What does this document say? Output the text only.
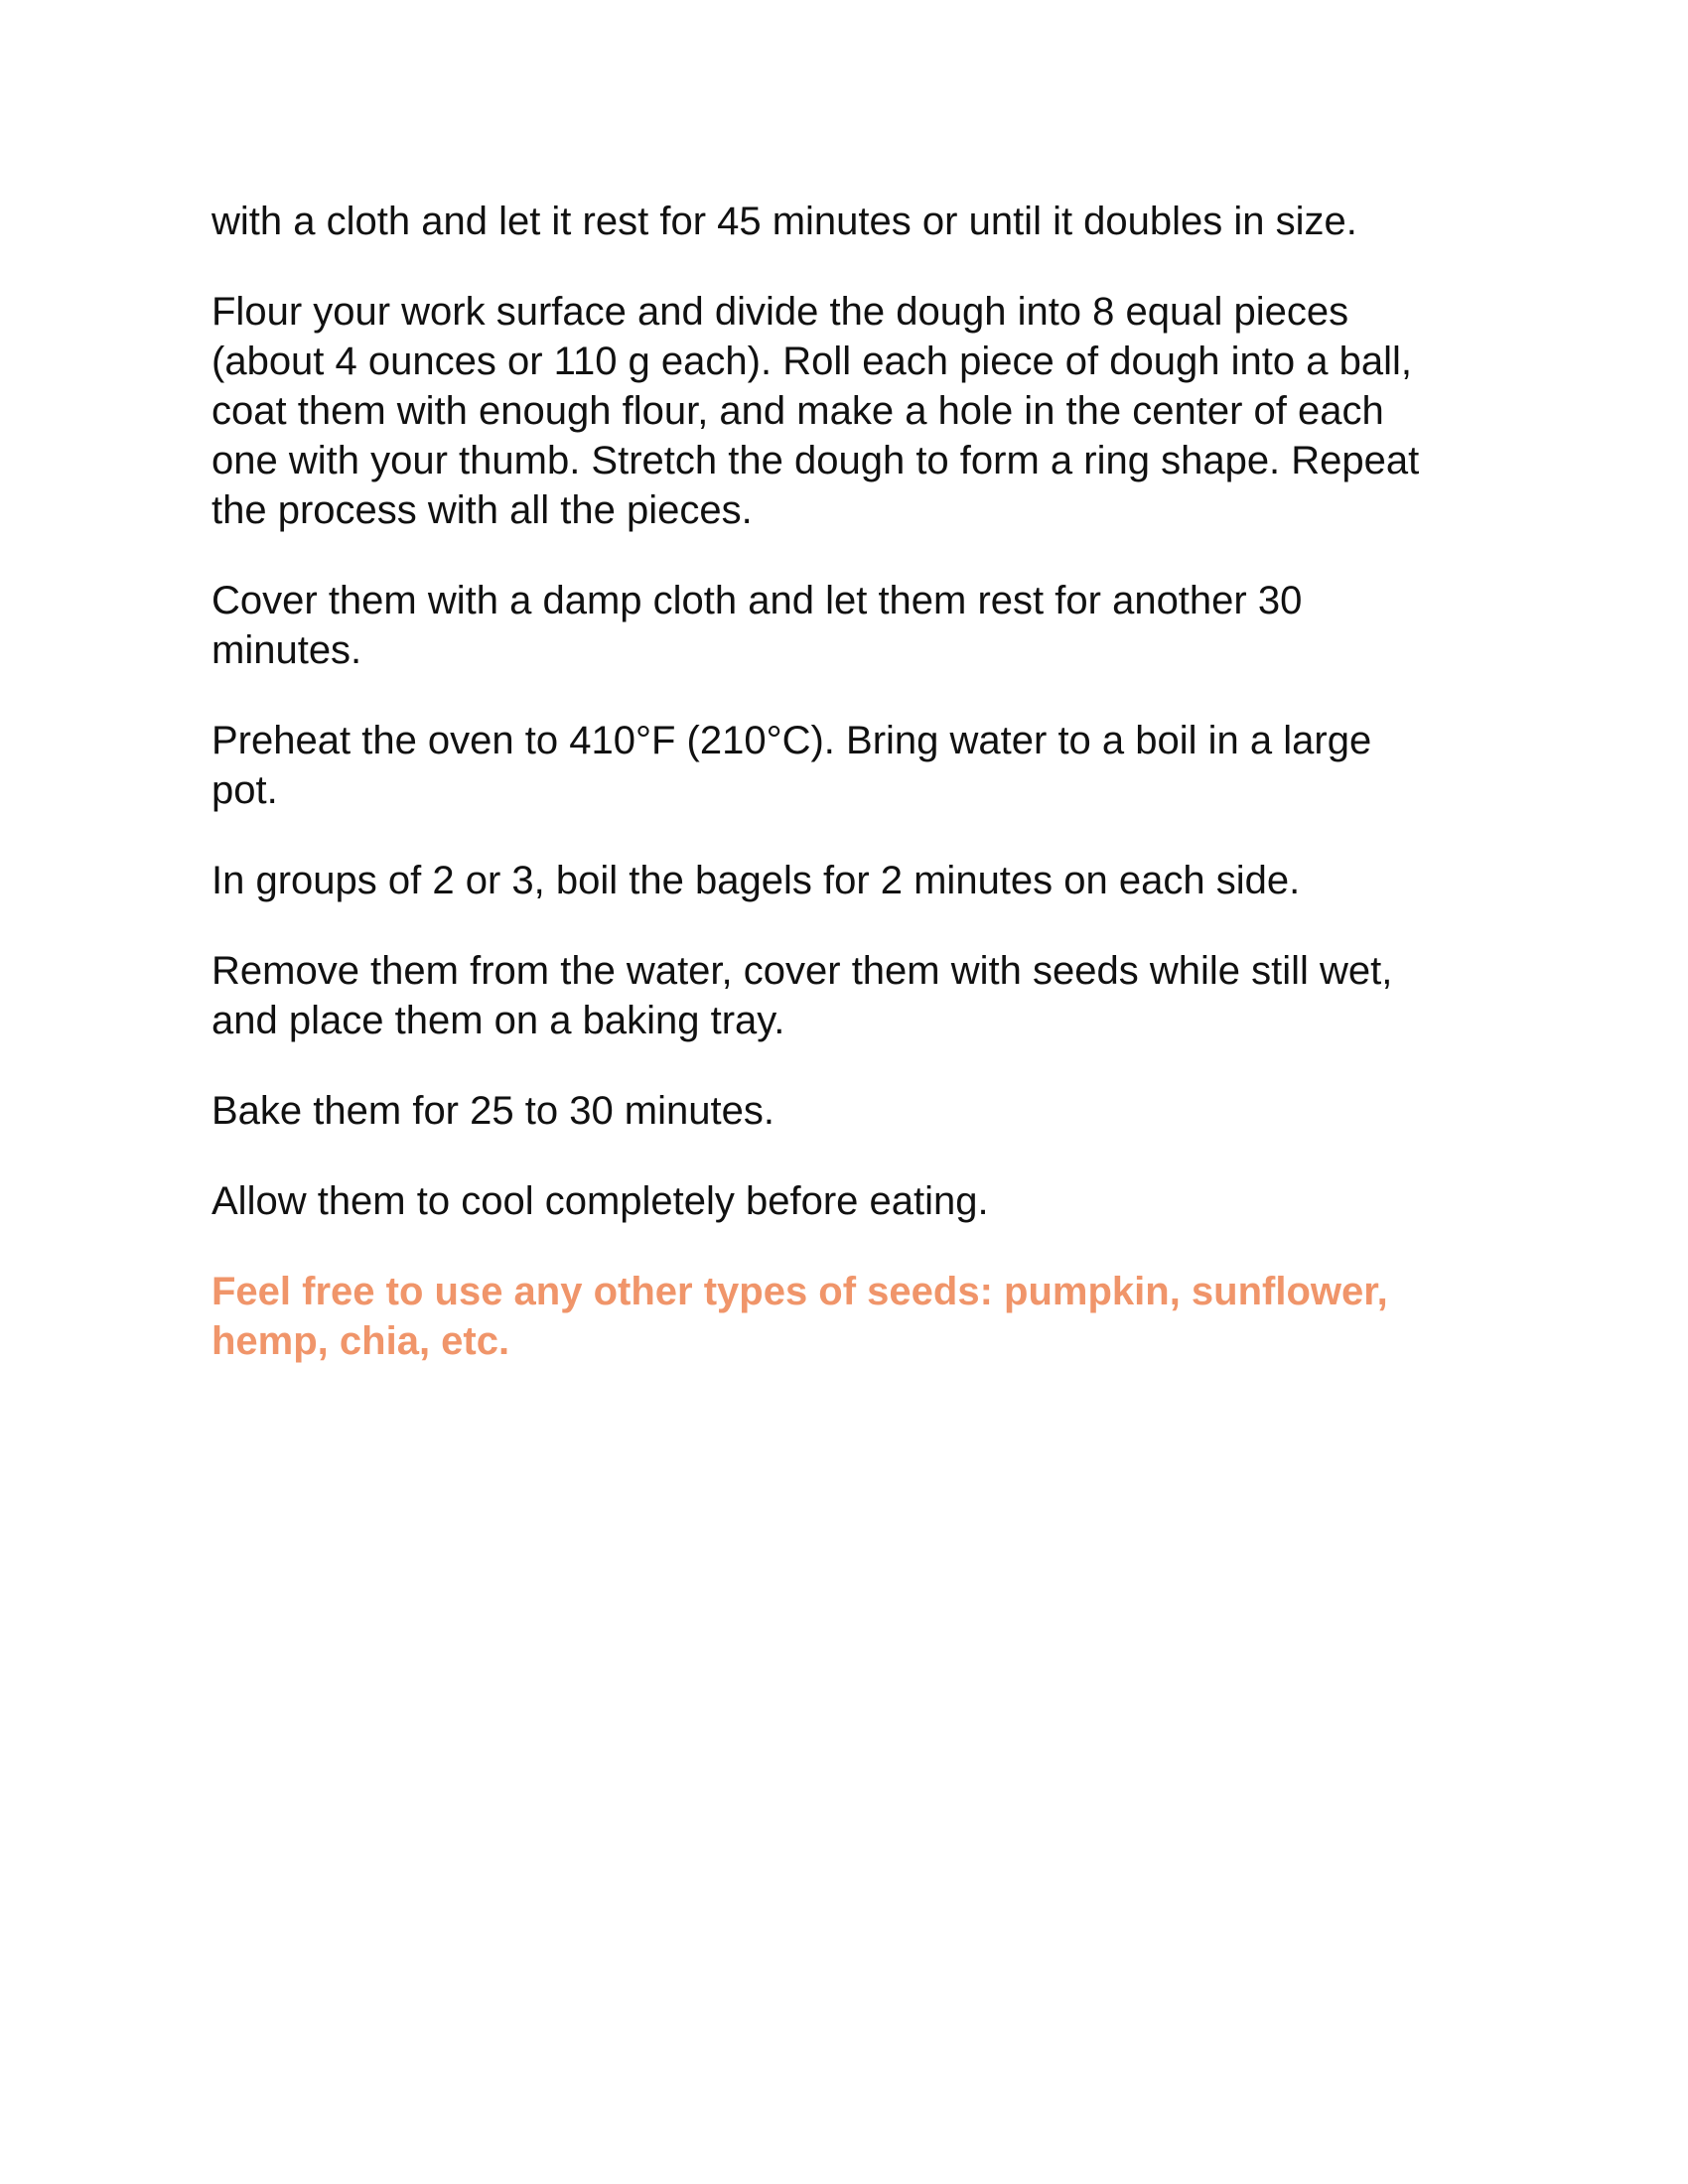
with a cloth and let it rest for 45 minutes or until it doubles in size.

Flour your work surface and divide the dough into 8 equal pieces
(about 4 ounces or 110 g each). Roll each piece of dough into a ball,
coat them with enough flour, and make a hole in the center of each
one with your thumb. Stretch the dough to form a ring shape. Repeat
the process with all the pieces.

Cover them with a damp cloth and let them rest for another 30
minutes.

Preheat the oven to 410°F (210°C). Bring water to a boil in a large
pot.

In groups of 2 or 3, boil the bagels for 2 minutes on each side.

Remove them from the water, cover them with seeds while still wet,
and place them on a baking tray.

Bake them for 25 to 30 minutes.

Allow them to cool completely before eating.

Feel free to use any other types of seeds: pumpkin, sunflower,
hemp, chia, etc.
